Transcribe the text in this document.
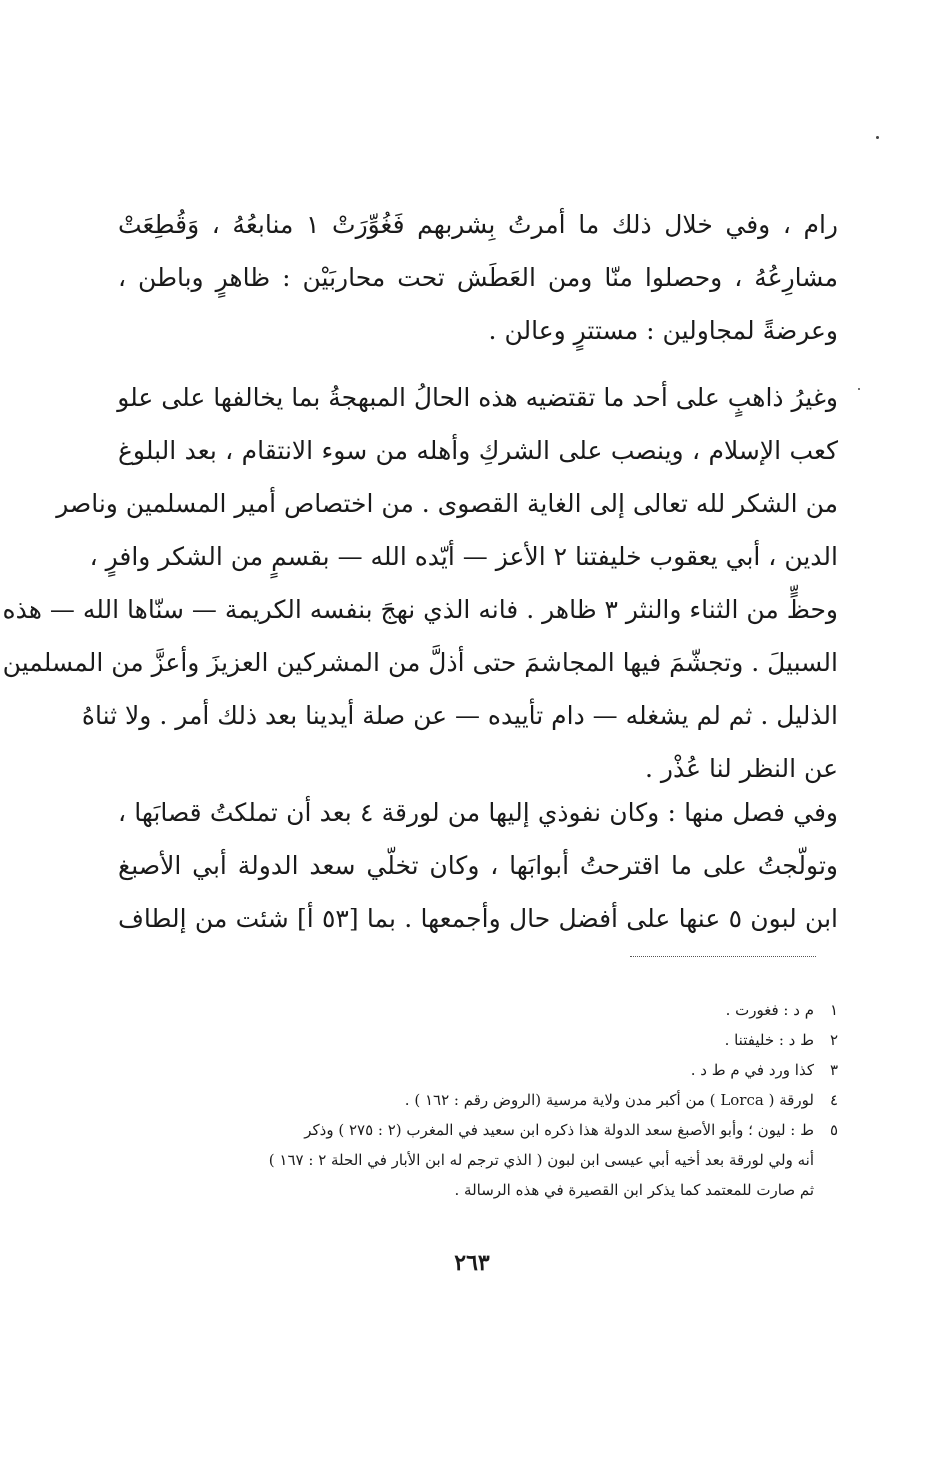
رام ، وفي خلال ذلك ما أمرتُ بِشربهم فَغُوِّرَتْ ١ منابعُهُ ، وَقُطِعَتْ
مشارِعُهُ ، وحصلوا منّا ومن العَطَش تحت محاربَيْن : ظاهرٍ وباطن ،
وعرضةً لمجاولين : مستترٍ وعالن .
وغيرُ ذاهبٍ على أحد ما تقتضيه هذه الحالُ المبهجةُ بما يخالفها على علو
كعب الإسلام ، وينصب على الشركِ وأهله من سوء الانتقام ، بعد البلوغ
من الشكر لله تعالى إلى الغاية القصوى . من اختصاص أمير المسلمين وناصر
الدين ، أبي يعقوب خليفتنا ٢ الأعز — أيّده الله — بقسمٍ من الشكر وافرٍ ،
وحظٍّ من الثناء والنثر ٣ ظاهر . فانه الذي نهجَ بنفسه الكريمة — سنّاها الله — هذه
السبيلَ . وتجشّمَ فيها المجاشمَ حتى أذلَّ من المشركين العزيزَ وأعزَّ من المسلمين
الذليل . ثم لم يشغله — دام تأييده — عن صلة أيدينا بعد ذلك أمر . ولا ثناهُ
عن النظر لنا عُذْر .
وفي فصل منها : وكان نفوذي إليها من لورقة ٤ بعد أن تملكتُ قصابَها ،
وتولّجتُ على ما اقترحتُ أبوابَها ، وكان تخلّي سعد الدولة أبي الأصبغ
ابن لبون ٥ عنها على أفضل حال وأجمعها . بما [٥٣ أ] شئت من إلطاف
١م د : فغورت .
٢ط د : خليفتنا .
٣كذا ورد في م ط د .
٤لورقة ( Lorca ) من أكبر مدن ولاية مرسية (الروض رقم : ١٦٢ ) .
٥ط : ليون ؛ وأبو الأصبغ سعد الدولة هذا ذكره ابن سعيد في المغرب (٢ : ٢٧٥ ) وذكر
أنه ولي لورقة بعد أخيه أبي عيسى ابن لبون ( الذي ترجم له ابن الأبار في الحلة ٢ : ١٦٧ )
ثم صارت للمعتمد كما يذكر ابن القصيرة في هذه الرسالة .
٢٦٣
